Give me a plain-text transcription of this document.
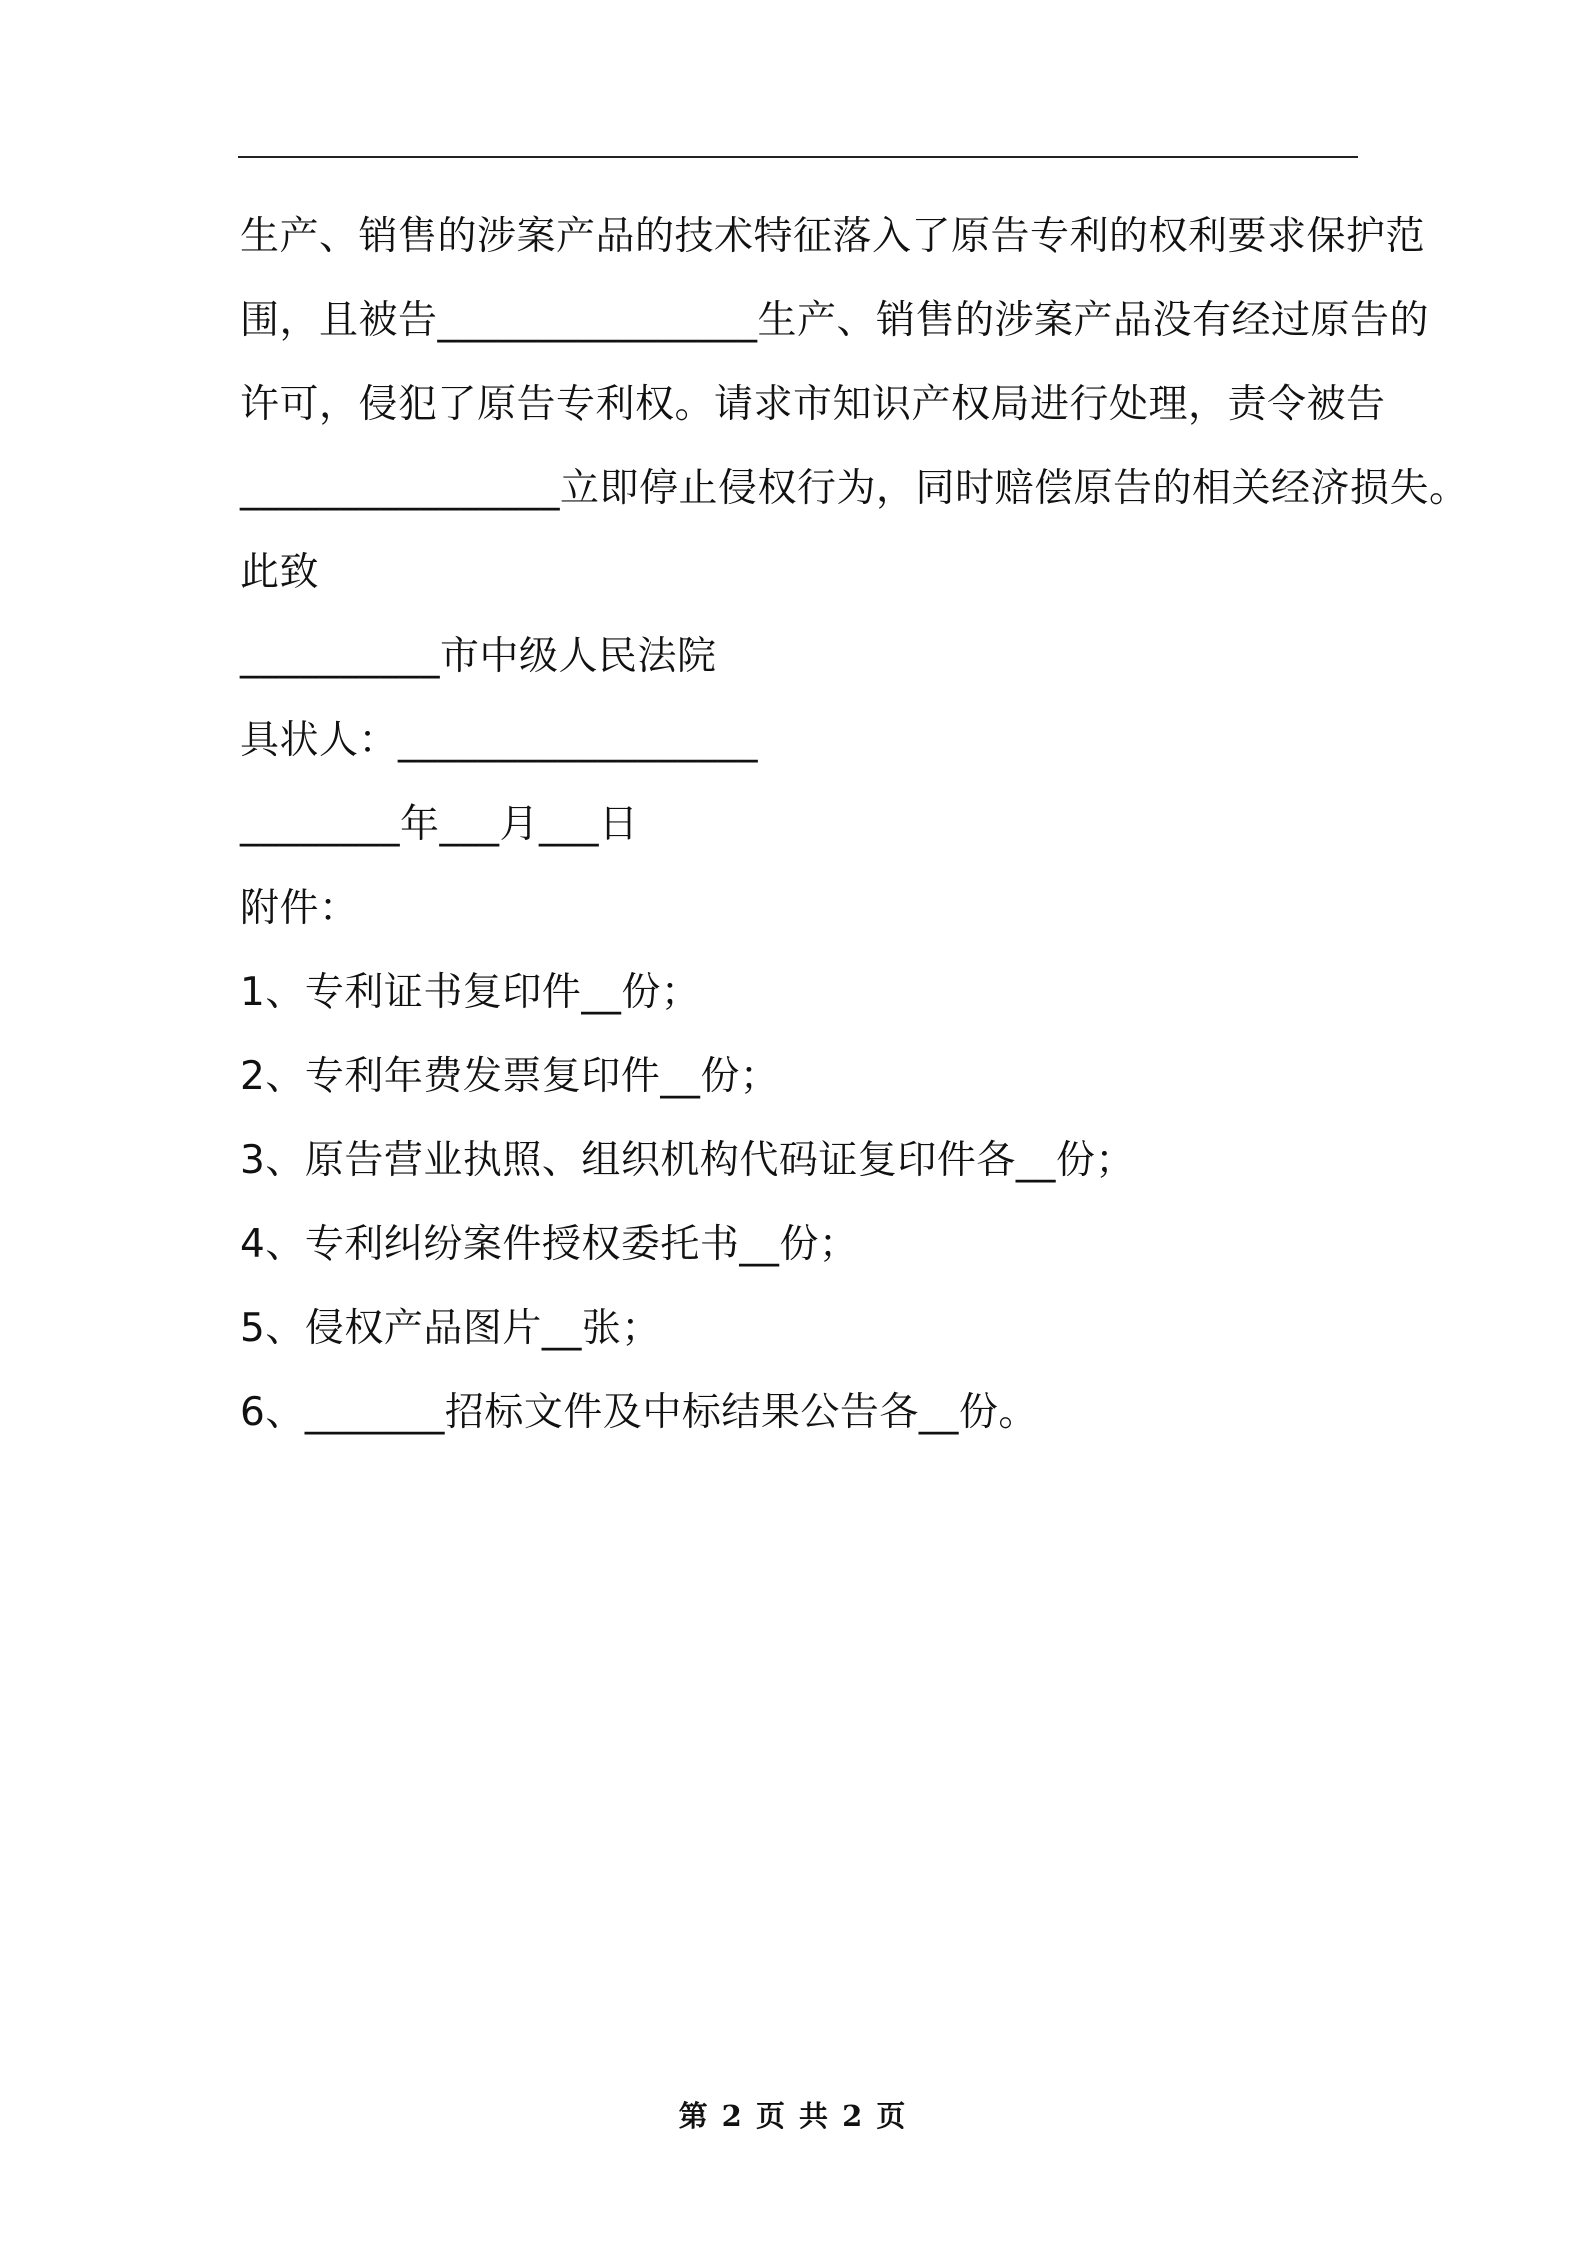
生产、销售的涉案产品的技术特征落入了原告专利的权利要求保护范
围，且被告________________生产、销售的涉案产品没有经过原告的
许可，侵犯了原告专利权。请求市知识产权局进行处理，责令被告
________________立即停止侵权行为，同时赔偿原告的相关经济损失。
此致
__________市中级人民法院
具状人：__________________
________年___月___日
附件：
1、专利证书复印件__份；
2、专利年费发票复印件__份；
3、原告营业执照、组织机构代码证复印件各__份；
4、专利纠纷案件授权委托书__份；
5、侵权产品图片__张；
6、_______招标文件及中标结果公告各__份。
第 2 页 共 2 页
